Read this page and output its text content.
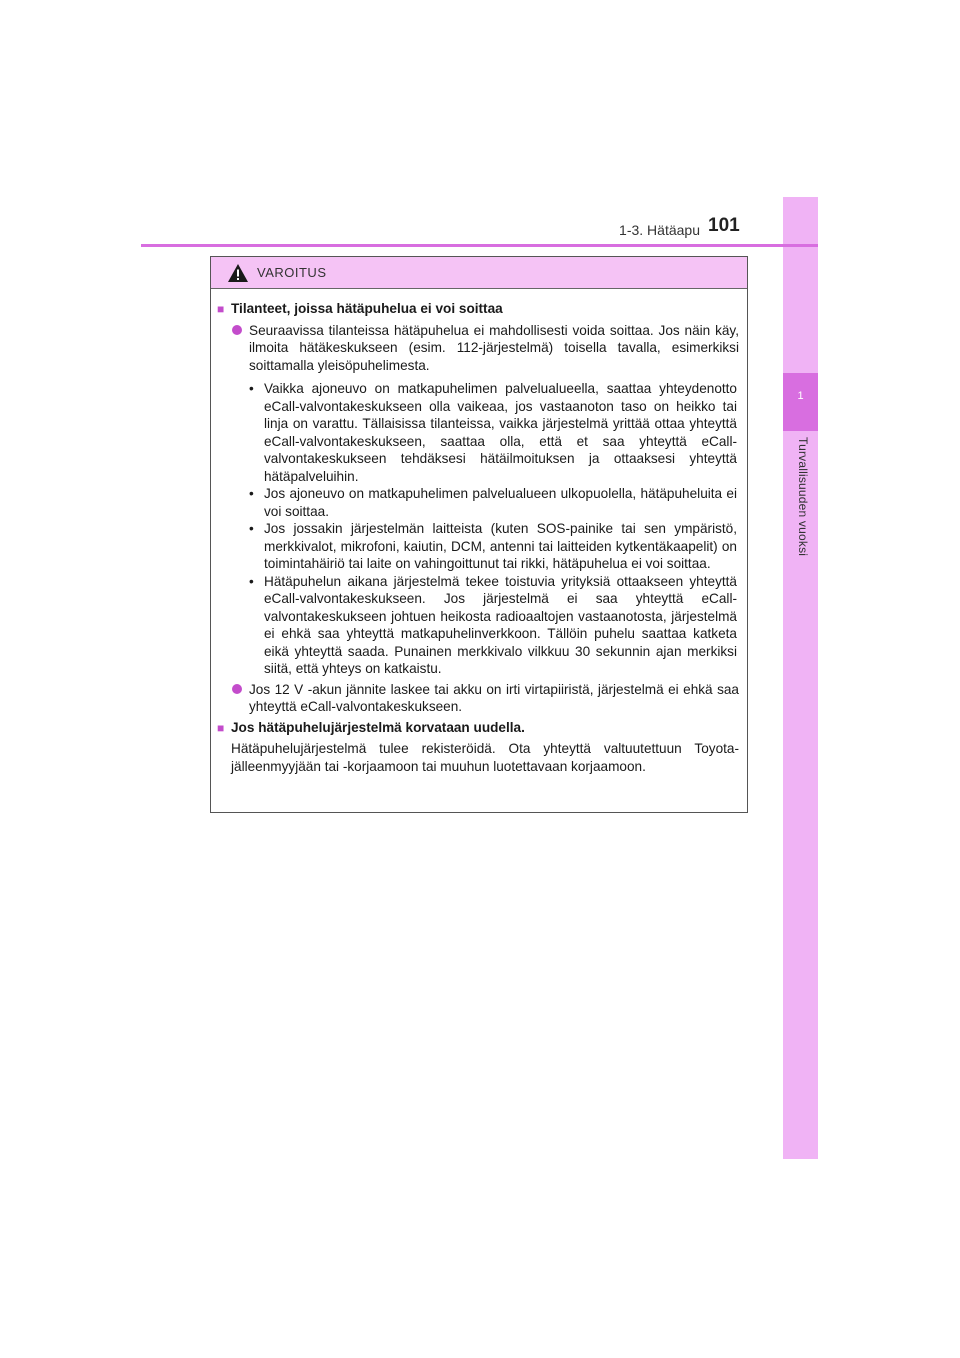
1
Turvallisuuden vuoksi
1-3. Hätäapu 101
VAROITUS
■ Tilanteet, joissa hätäpuhelua ei voi soittaa
Seuraavissa tilanteissa hätäpuhelua ei mahdollisesti voida soittaa. Jos näin käy, ilmoita hätäkeskukseen (esim. 112-järjestelmä) toisella tavalla, esimerkiksi soittamalla yleisöpuhelimesta.
• Vaikka ajoneuvo on matkapuhelimen palvelualueella, saattaa yhteydenotto eCall-valvontakeskukseen olla vaikeaa, jos vastaanoton taso on heikko tai linja on varattu. Tällaisissa tilanteissa, vaikka järjestelmä yrittää ottaa yhteyttä eCall-valvontakeskukseen, saattaa olla, että et saa yhteyttä eCall-valvontakeskukseen tehdäksesi hätäilmoituksen ja ottaaksesi yhteyttä hätäpalveluihin.
• Jos ajoneuvo on matkapuhelimen palvelualueen ulkopuolella, hätäpuheluita ei voi soittaa.
• Jos jossakin järjestelmän laitteista (kuten SOS-painike tai sen ympäristö, merkkivalot, mikrofoni, kaiutin, DCM, antenni tai laitteiden kytkentäkaapelit) on toimintahäiriö tai laite on vahingoittunut tai rikki, hätäpuhelua ei voi soittaa.
• Hätäpuhelun aikana järjestelmä tekee toistuvia yrityksiä ottaakseen yhteyttä eCall-valvontakeskukseen. Jos järjestelmä ei saa yhteyttä eCall-valvontakeskukseen johtuen heikosta radioaaltojen vastaanotosta, järjestelmä ei ehkä saa yhteyttä matkapuhelinverkkoon. Tällöin puhelu saattaa katketa eikä yhteyttä saada. Punainen merkkivalo vilkkuu 30 sekunnin ajan merkiksi siitä, että yhteys on katkaistu.
Jos 12 V -akun jännite laskee tai akku on irti virtapiiristä, järjestelmä ei ehkä saa yhteyttä eCall-valvontakeskukseen.
■ Jos hätäpuhelujärjestelmä korvataan uudella.
Hätäpuhelujärjestelmä tulee rekisteröidä. Ota yhteyttä valtuutettuun Toyota-jälleenmyyjään tai -korjaamoon tai muuhun luotettavaan korjaamoon.
